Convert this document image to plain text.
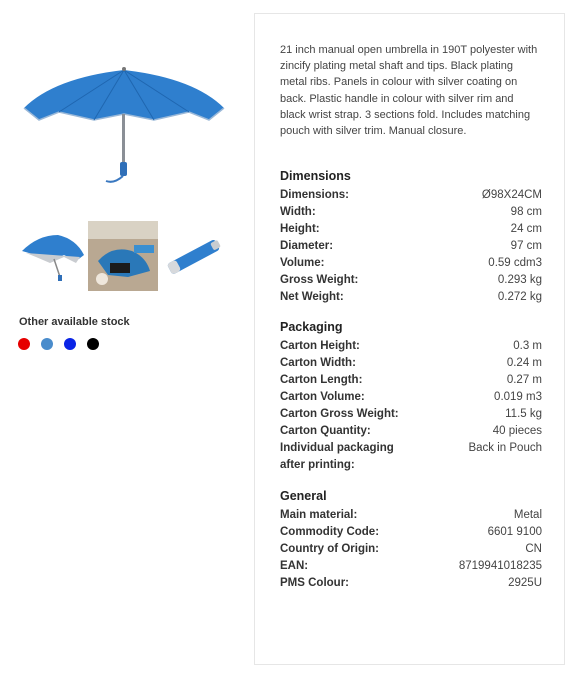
Other available stock
21 inch manual open umbrella in 190T polyester with zincify plating metal shaft and tips. Black plating metal ribs. Panels in colour with silver coating on back. Plastic handle in colour with silver rim and black wrist strap. 3 sections fold. Includes matching pouch with silver trim. Manual closure.
Dimensions
Dimensions:	Ø98X24CM
Width:	98 cm
Height:	24 cm
Diameter:	97 cm
Volume:	0.59 cdm3
Gross Weight:	0.293 kg
Net Weight:	0.272 kg
Packaging
Carton Height:	0.3 m
Carton Width:	0.24 m
Carton Length:	0.27 m
Carton Volume:	0.019 m3
Carton Gross Weight:	11.5 kg
Carton Quantity:	40 pieces
Individual packaging after printing:
Back in Pouch
General
Main material:	Metal
Commodity Code:	6601 9100
Country of Origin:	CN
EAN:	8719941018235
PMS Colour:	2925U
